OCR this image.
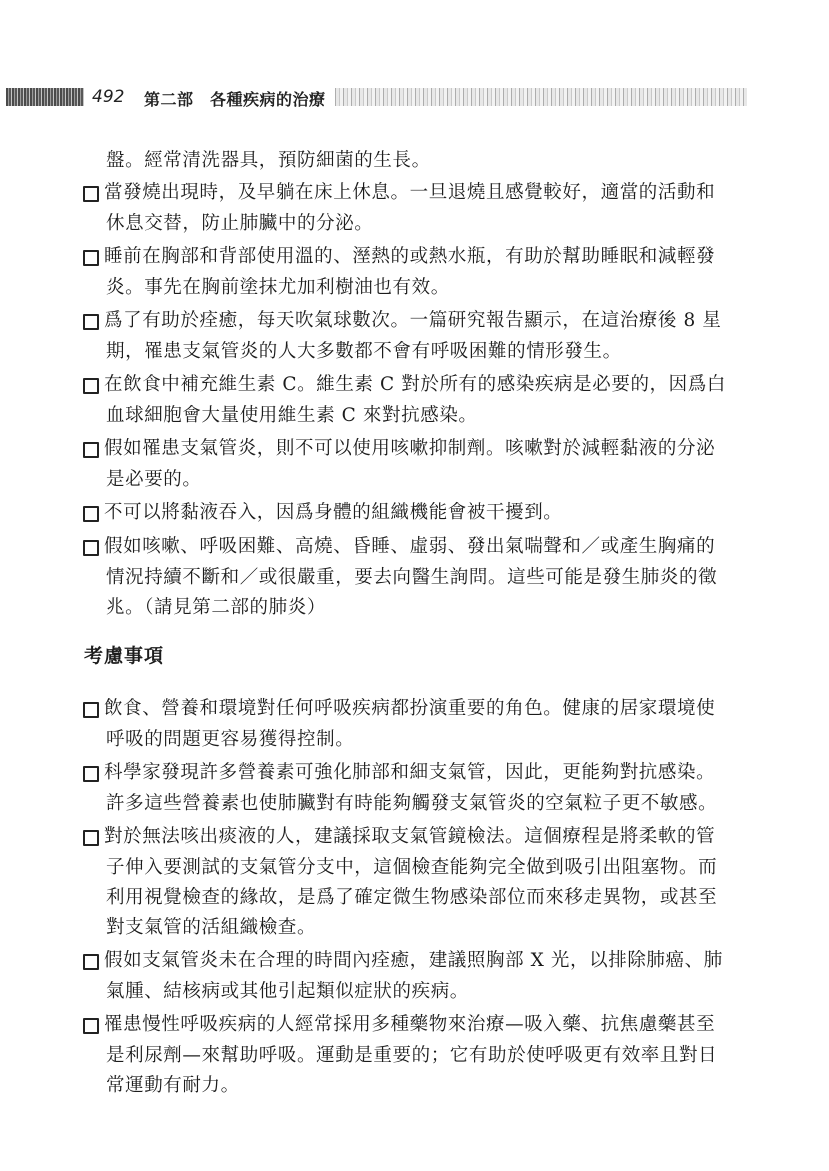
492 第二部　各種疾病的治療
盤。經常清洗器具，預防細菌的生長。
當發燒出現時，及早躺在床上休息。一旦退燒且感覺較好，適當的活動和
休息交替，防止肺臟中的分泌。
睡前在胸部和背部使用溫的、溼熱的或熱水瓶，有助於幫助睡眠和減輕發
炎。事先在胸前塗抹尤加利樹油也有效。
爲了有助於痊癒，每天吹氣球數次。一篇研究報告顯示，在這治療後 8 星
期，罹患支氣管炎的人大多數都不會有呼吸困難的情形發生。
在飲食中補充維生素 C。維生素 C 對於所有的感染疾病是必要的，因爲白
血球細胞會大量使用維生素 C 來對抗感染。
假如罹患支氣管炎，則不可以使用咳嗽抑制劑。咳嗽對於減輕黏液的分泌
是必要的。
不可以將黏液吞入，因爲身體的組織機能會被干擾到。
假如咳嗽、呼吸困難、高燒、昏睡、虛弱、發出氣喘聲和／或產生胸痛的
情況持續不斷和／或很嚴重，要去向醫生詢問。這些可能是發生肺炎的徵
兆。（請見第二部的肺炎）
考慮事項
飲食、營養和環境對任何呼吸疾病都扮演重要的角色。健康的居家環境使
呼吸的問題更容易獲得控制。
科學家發現許多營養素可強化肺部和細支氣管，因此，更能夠對抗感染。
許多這些營養素也使肺臟對有時能夠觸發支氣管炎的空氣粒子更不敏感。
對於無法咳出痰液的人，建議採取支氣管鏡檢法。這個療程是將柔軟的管
子伸入要測試的支氣管分支中，這個檢查能夠完全做到吸引出阻塞物。而
利用視覺檢查的緣故，是爲了確定微生物感染部位而來移走異物，或甚至
對支氣管的活組織檢查。
假如支氣管炎未在合理的時間內痊癒，建議照胸部 X 光，以排除肺癌、肺
氣腫、結核病或其他引起類似症狀的疾病。
罹患慢性呼吸疾病的人經常採用多種藥物來治療—吸入藥、抗焦慮藥甚至
是利尿劑—來幫助呼吸。運動是重要的；它有助於使呼吸更有效率且對日
常運動有耐力。
